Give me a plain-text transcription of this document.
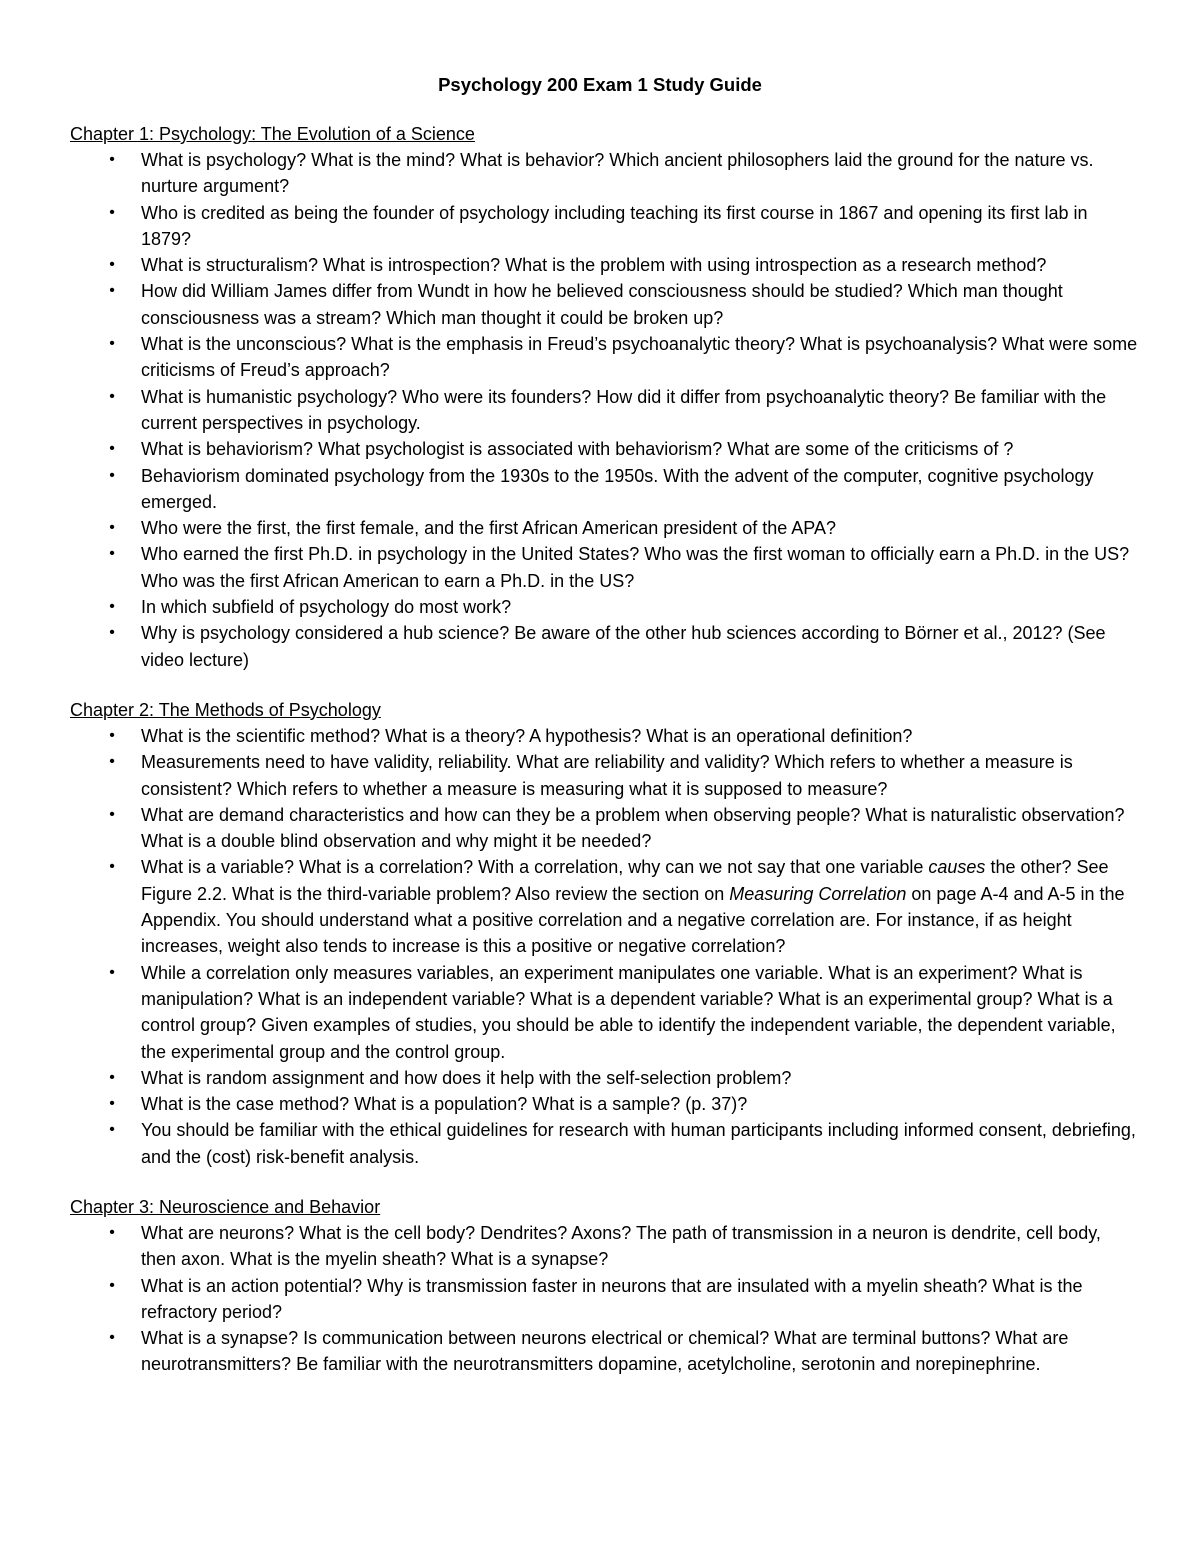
Psychology 200 Exam 1 Study Guide
Chapter 1: Psychology: The Evolution of a Science
• What is psychology? What is the mind? What is behavior? Which ancient philosophers laid the ground for the nature vs. nurture argument?
• Who is credited as being the founder of psychology including teaching its first course in 1867 and opening its first lab in 1879?
• What is structuralism? What is introspection? What is the problem with using introspection as a research method?
• How did William James differ from Wundt in how he believed consciousness should be studied? Which man thought consciousness was a stream? Which man thought it could be broken up?
• What is the unconscious? What is the emphasis in Freud’s psychoanalytic theory? What is psychoanalysis? What were some criticisms of Freud’s approach?
• What is humanistic psychology? Who were its founders? How did it differ from psychoanalytic theory? Be familiar with the current perspectives in psychology.
• What is behaviorism? What psychologist is associated with behaviorism? What are some of the criticisms of ?
• Behaviorism dominated psychology from the 1930s to the 1950s. With the advent of the computer, cognitive psychology emerged.
• Who were the first, the first female, and the first African American president of the APA?
• Who earned the first Ph.D. in psychology in the United States? Who was the first woman to officially earn a Ph.D. in the US? Who was the first African American to earn a Ph.D. in the US?
• In which subfield of psychology do most work?
• Why is psychology considered a hub science? Be aware of the other hub sciences according to Börner et al., 2012? (See video lecture)
Chapter 2: The Methods of Psychology
• What is the scientific method? What is a theory? A hypothesis? What is an operational definition?
• Measurements need to have validity, reliability. What are reliability and validity? Which refers to whether a measure is consistent? Which refers to whether a measure is measuring what it is supposed to measure?
• What are demand characteristics and how can they be a problem when observing people? What is naturalistic observation? What is a double blind observation and why might it be needed?
• What is a variable? What is a correlation? With a correlation, why can we not say that one variable causes the other? See Figure 2.2. What is the third-variable problem? Also review the section on Measuring Correlation on page A-4 and A-5 in the Appendix. You should understand what a positive correlation and a negative correlation are. For instance, if as height increases, weight also tends to increase is this a positive or negative correlation?
• While a correlation only measures variables, an experiment manipulates one variable. What is an experiment? What is manipulation? What is an independent variable? What is a dependent variable? What is an experimental group? What is a control group? Given examples of studies, you should be able to identify the independent variable, the dependent variable, the experimental group and the control group.
• What is random assignment and how does it help with the self-selection problem?
• What is the case method? What is a population? What is a sample? (p. 37)?
• You should be familiar with the ethical guidelines for research with human participants including informed consent, debriefing, and the (cost) risk-benefit analysis.
Chapter 3: Neuroscience and Behavior
• What are neurons? What is the cell body? Dendrites? Axons? The path of transmission in a neuron is dendrite, cell body, then axon. What is the myelin sheath? What is a synapse?
• What is an action potential? Why is transmission faster in neurons that are insulated with a myelin sheath? What is the refractory period?
• What is a synapse? Is communication between neurons electrical or chemical? What are terminal buttons? What are neurotransmitters? Be familiar with the neurotransmitters dopamine, acetylcholine, serotonin and norepinephrine.
